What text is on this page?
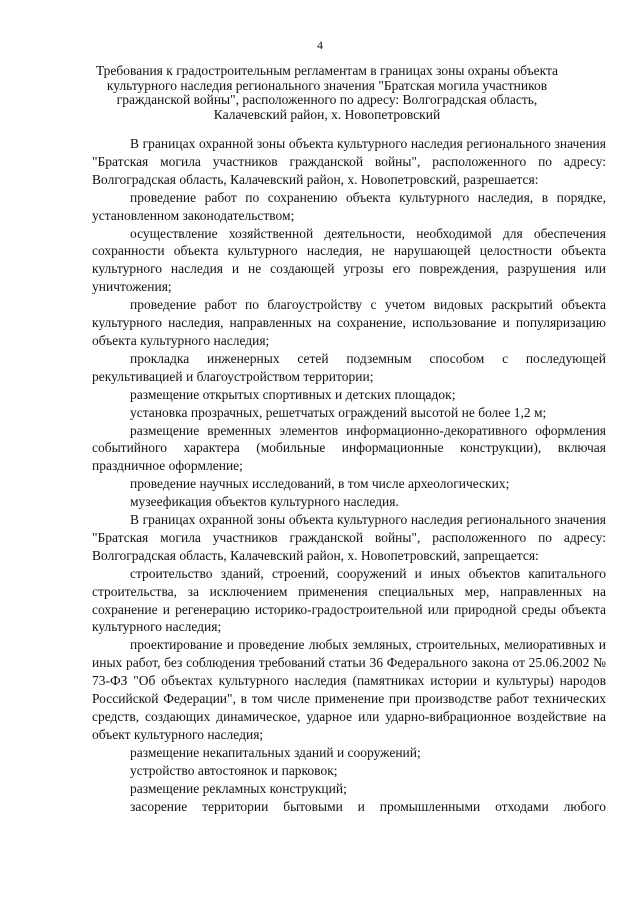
4
Требования к градостроительным регламентам в границах зоны охраны объекта культурного наследия регионального значения "Братская могила участников гражданской войны", расположенного по адресу: Волгоградская область, Калачевский район, х. Новопетровский

В границах охранной зоны объекта культурного наследия регионального значения "Братская могила участников гражданской войны", расположенного по адресу: Волгоградская область, Калачевский район, х. Новопетровский, разрешается:

проведение работ по сохранению объекта культурного наследия, в порядке, установленном законодательством;

осуществление хозяйственной деятельности, необходимой для обеспечения сохранности объекта культурного наследия, не нарушающей целостности объекта культурного наследия и не создающей угрозы его повреждения, разрушения или уничтожения;

проведение работ по благоустройству с учетом видовых раскрытий объекта культурного наследия, направленных на сохранение, использование и популяризацию объекта культурного наследия;

прокладка инженерных сетей подземным способом с последующей рекультивацией и благоустройством территории;

размещение открытых спортивных и детских площадок;

установка прозрачных, решетчатых ограждений высотой не более 1,2 м;

размещение временных элементов информационно-декоративного оформления событийного характера (мобильные информационные конструкции), включая праздничное оформление;

проведение научных исследований, в том числе археологических;

музеефикация объектов культурного наследия.

В границах охранной зоны объекта культурного наследия регионального значения "Братская могила участников гражданской войны", расположенного по адресу: Волгоградская область, Калачевский район, х. Новопетровский, запрещается:

строительство зданий, строений, сооружений и иных объектов капитального строительства, за исключением применения специальных мер, направленных на сохранение и регенерацию историко-градостроительной или природной среды объекта культурного наследия;

проектирование и проведение любых земляных, строительных, мелиоративных и иных работ, без соблюдения требований статьи 36 Федерального закона от 25.06.2002 № 73-ФЗ "Об объектах культурного наследия (памятниках истории и культуры) народов Российской Федерации", в том числе применение при производстве работ технических средств, создающих динамическое, ударное или ударно-вибрационное воздействие на объект культурного наследия;

размещение некапитальных зданий и сооружений;

устройство автостоянок и парковок;

размещение рекламных конструкций;

засорение территории бытовыми и промышленными отходами любого
